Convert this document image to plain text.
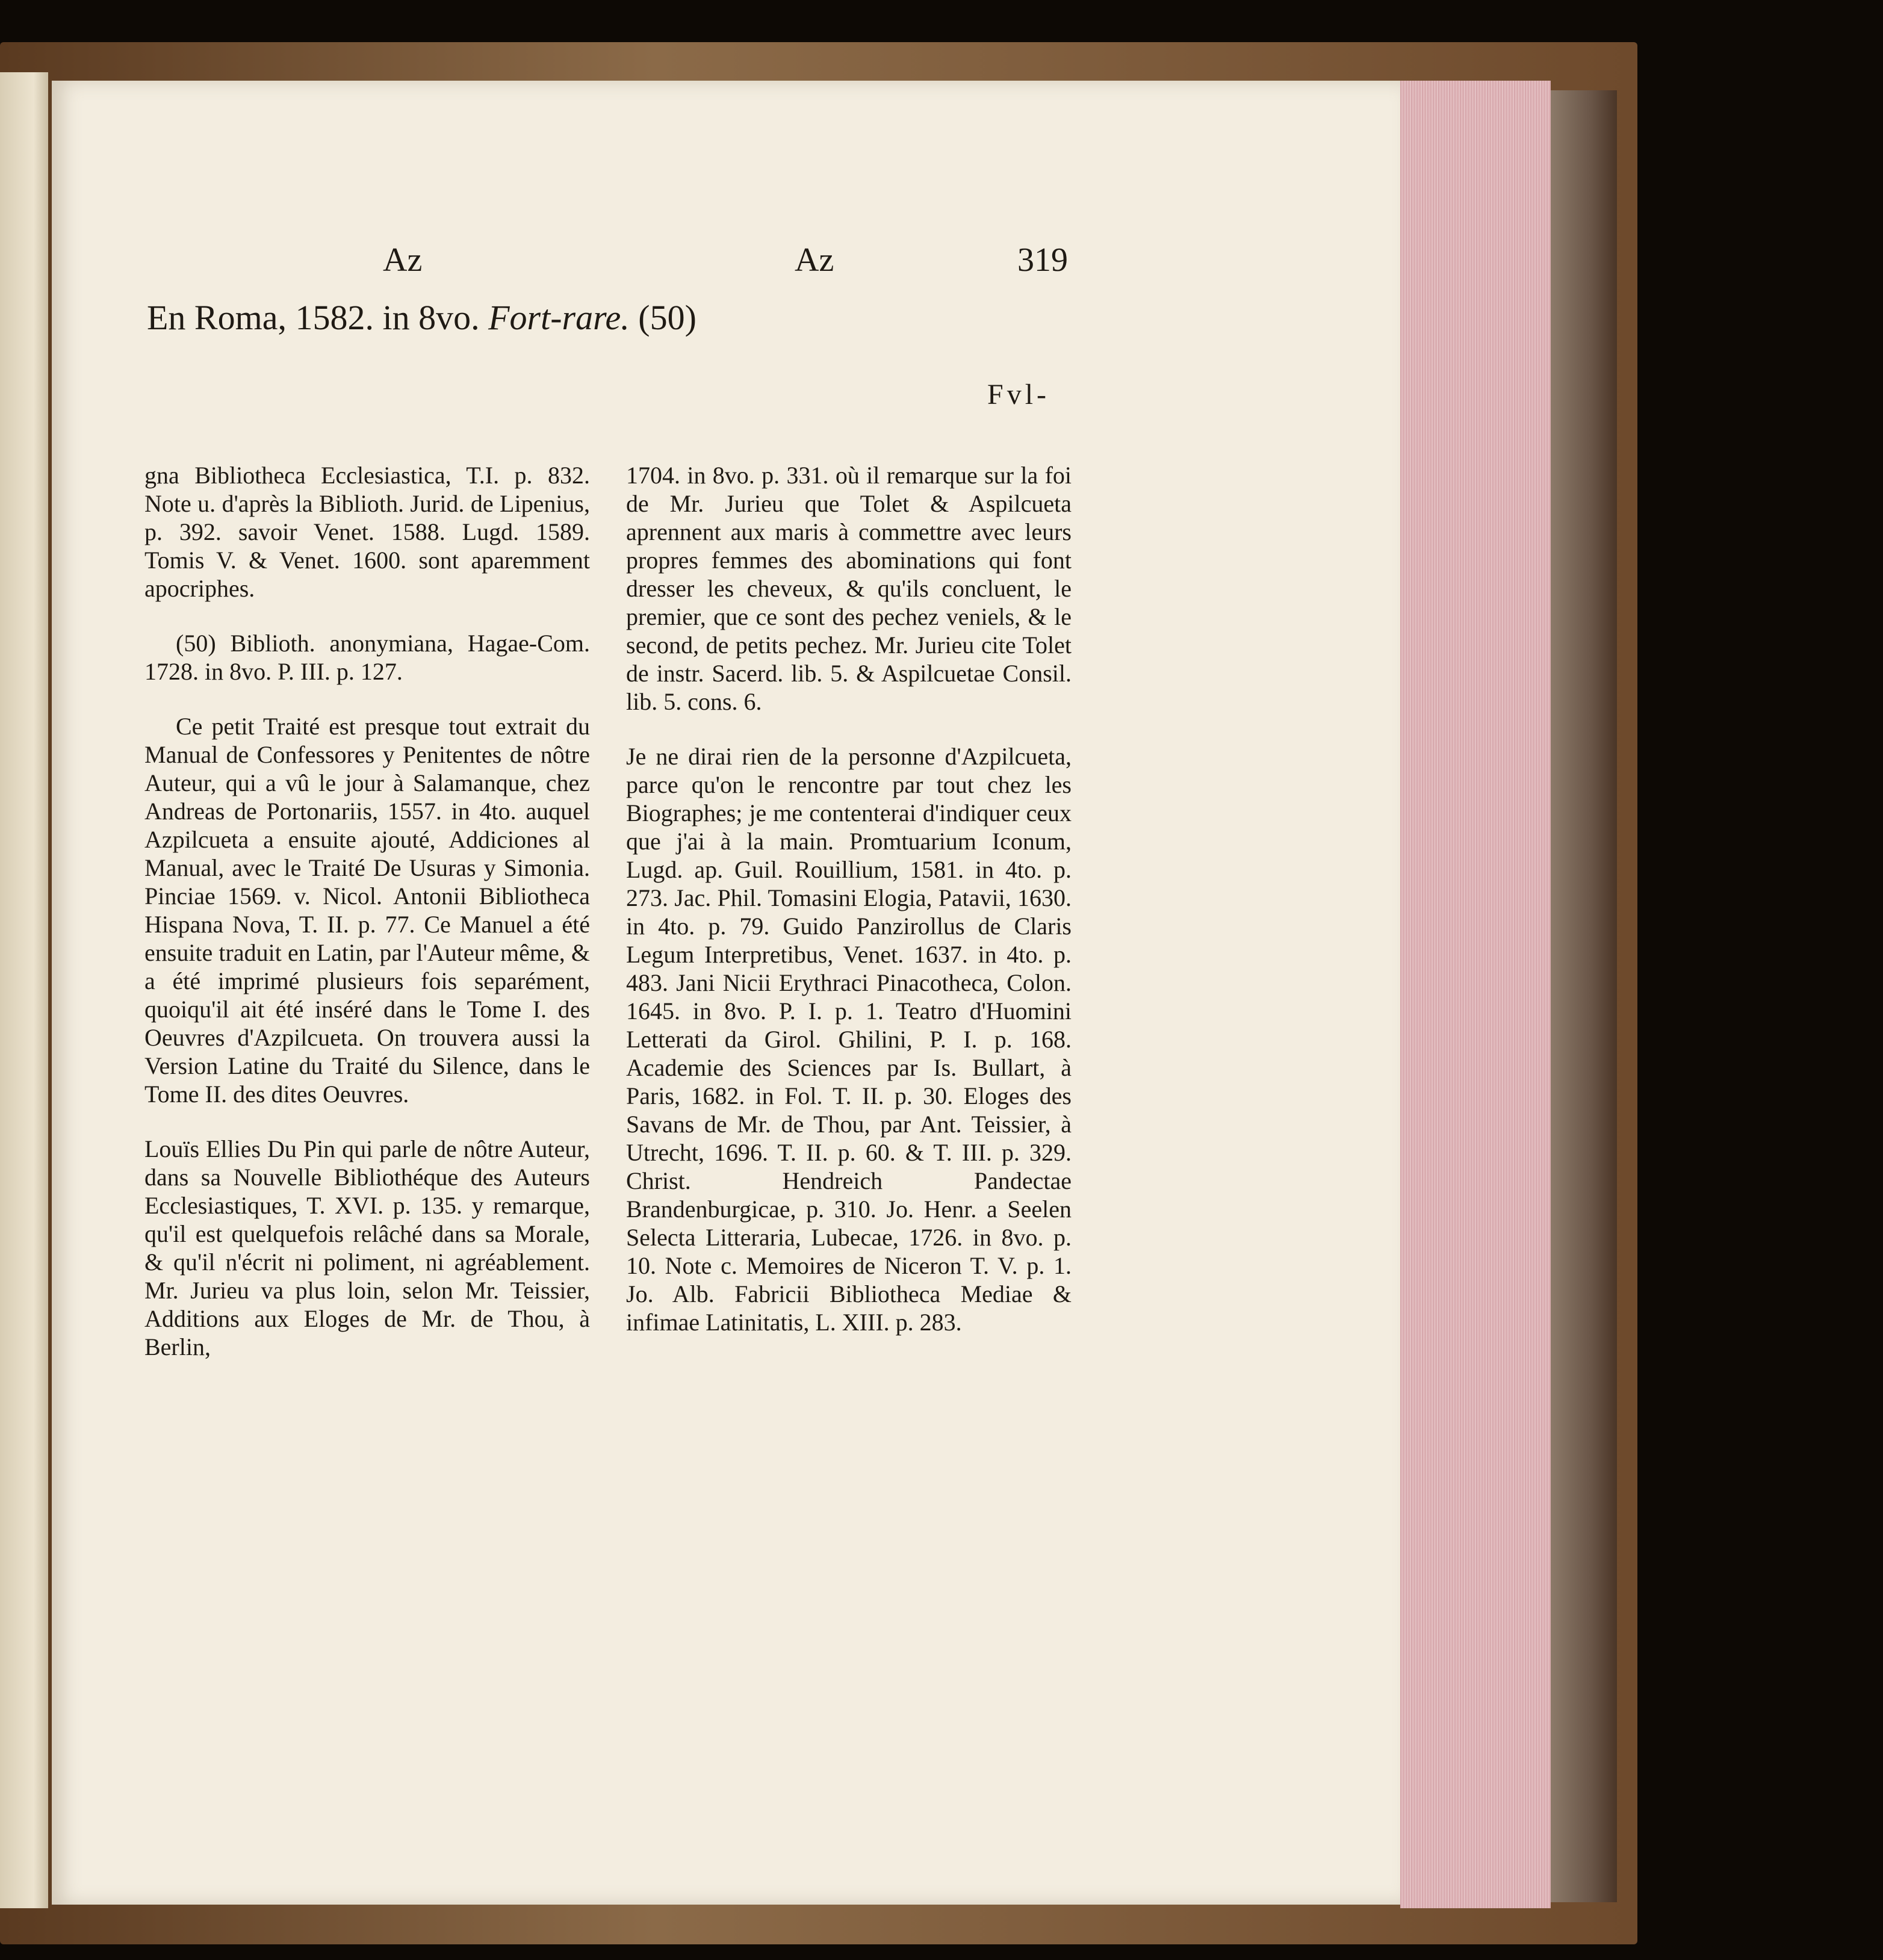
Az	Az	319
En Roma, 1582. in 8vo. Fort-rare. (50)
Fvl-

gna Bibliotheca Ecclesiastica, T.I. p. 832. Note u. d'après la Biblioth. Jurid. de Lipenius, p. 392. savoir Venet. 1588. Lugd. 1589. Tomis V. & Venet. 1600. sont aparemment apocriphes.

(50) Biblioth. anonymiana, Hagae-Com. 1728. in 8vo. P. III. p. 127.

Ce petit Traité est presque tout extrait du Manual de Confessores y Penitentes de nôtre Auteur, qui a vû le jour à Salamanque, chez Andreas de Portonariis, 1557. in 4to. auquel Azpilcueta a ensuite ajouté, Addiciones al Manual, avec le Traité De Usuras y Simonia. Pinciae 1569. v. Nicol. Antonii Bibliotheca Hispana Nova, T. II. p. 77. Ce Manuel a été ensuite traduit en Latin, par l'Auteur même, & a été imprimé plusieurs fois separément, quoiqu'il ait été inséré dans le Tome I. des Oeuvres d'Azpilcueta. On trouvera aussi la Version Latine du Traité du Silence, dans le Tome II. des dites Oeuvres.

Louïs Ellies Du Pin qui parle de nôtre Auteur, dans sa Nouvelle Bibliothéque des Auteurs Ecclesiastiques, T. XVI. p. 135. y remarque, qu'il est quelquefois relâché dans sa Morale, & qu'il n'écrit ni poliment, ni agréablement. Mr. Jurieu va plus loin, selon Mr. Teissier, Additions aux Eloges de Mr. de Thou, à Berlin,

1704. in 8vo. p. 331. où il remarque sur la foi de Mr. Jurieu que Tolet & Aspilcueta aprennent aux maris à commettre avec leurs propres femmes des abominations qui font dresser les cheveux, & qu'ils concluent, le premier, que ce sont des pechez veniels, & le second, de petits pechez. Mr. Jurieu cite Tolet de instr. Sacerd. lib. 5. & Aspilcuetae Consil. lib. 5. cons. 6.

Je ne dirai rien de la personne d'Azpilcueta, parce qu'on le rencontre par tout chez les Biographes; je me contenterai d'indiquer ceux que j'ai à la main. Promtuarium Iconum, Lugd. ap. Guil. Rouillium, 1581. in 4to. p. 273. Jac. Phil. Tomasini Elogia, Patavii, 1630. in 4to. p. 79. Guido Panzirollus de Claris Legum Interpretibus, Venet. 1637. in 4to. p. 483. Jani Nicii Erythraci Pinacotheca, Colon. 1645. in 8vo. P. I. p. 1. Teatro d'Huomini Letterati da Girol. Ghilini, P. I. p. 168. Academie des Sciences par Is. Bullart, à Paris, 1682. in Fol. T. II. p. 30. Eloges des Savans de Mr. de Thou, par Ant. Teissier, à Utrecht, 1696. T. II. p. 60. & T. III. p. 329. Christ. Hendreich Pandectae Brandenburgicae, p. 310. Jo. Henr. a Seelen Selecta Litteraria, Lubecae, 1726. in 8vo. p. 10. Note c. Memoires de Niceron T. V. p. 1. Jo. Alb. Fabricii Bibliotheca Mediae & infimae Latinitatis, L. XIII. p. 283.
